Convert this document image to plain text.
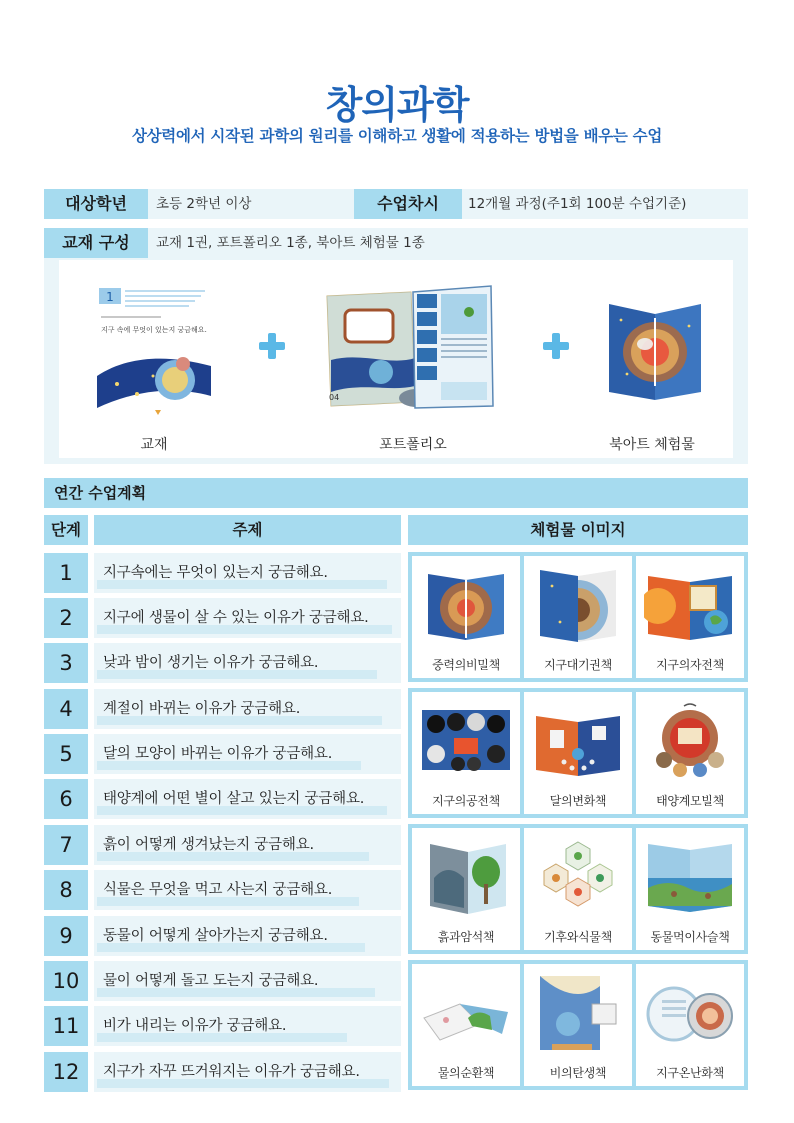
창의과학
상상력에서 시작된 과학의 원리를 이해하고 생활에 적용하는 방법을 배우는 수업
대상학년	초등 2학년 이상	수업차시	12개월 과정(주1회 100분 수업기준)
교재 구성	교재 1권, 포트폴리오 1종, 북아트 체험물 1종
1
지구 속에 무엇이 있는지 궁금해요.
04
교재	포트폴리오	북아트 체험물
연간 수업계획
단계	주제	체험물 이미지
1	지구속에는 무엇이 있는지 궁금해요.
2	지구에 생물이 살 수 있는 이유가 궁금해요.
3	낮과 밤이 생기는 이유가 궁금해요.
4	계절이 바뀌는 이유가 궁금해요.
5	달의 모양이 바뀌는 이유가 궁금해요.
6	태양계에 어떤 별이 살고 있는지 궁금해요.
7	흙이 어떻게 생겨났는지 궁금해요.
8	식물은 무엇을 먹고 사는지 궁금해요.
9	동물이 어떻게 살아가는지 궁금해요.
10	물이 어떻게 돌고 도는지 궁금해요.
11	비가 내리는 이유가 궁금해요.
12	지구가 자꾸 뜨거워지는 이유가 궁금해요.
중력의비밀책	지구대기권책	지구의자전책
지구의공전책	달의변화책	태양계모빌책
흙과암석책	기후와식물책	동물먹이사슬책
물의순환책	비의탄생책	지구온난화책
